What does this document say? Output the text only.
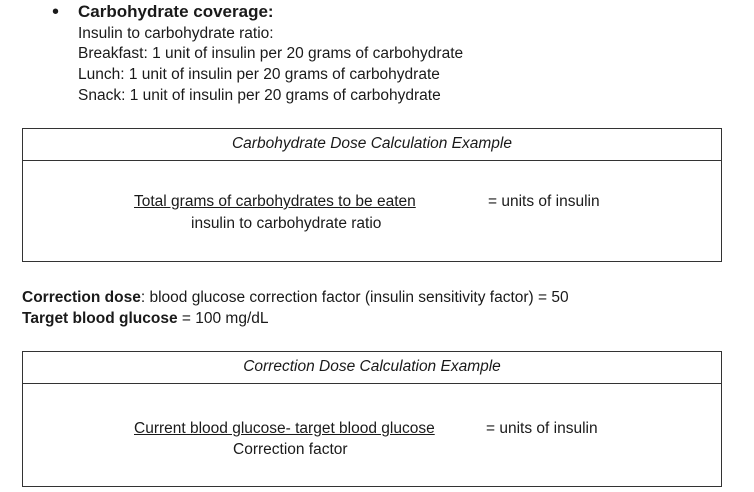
• Carbohydrate coverage:
Insulin to carbohydrate ratio:
Breakfast: 1 unit of insulin per 20 grams of carbohydrate
Lunch: 1 unit of insulin per 20 grams of carbohydrate
Snack: 1 unit of insulin per 20 grams of carbohydrate
Carbohydrate Dose Calculation Example
Total grams of carbohydrates to be eaten	= units of insulin
insulin to carbohydrate ratio
Correction dose: blood glucose correction factor (insulin sensitivity factor) = 50
Target blood glucose = 100 mg/dL
Correction Dose Calculation Example
Current blood glucose- target blood glucose	= units of insulin
Correction factor
